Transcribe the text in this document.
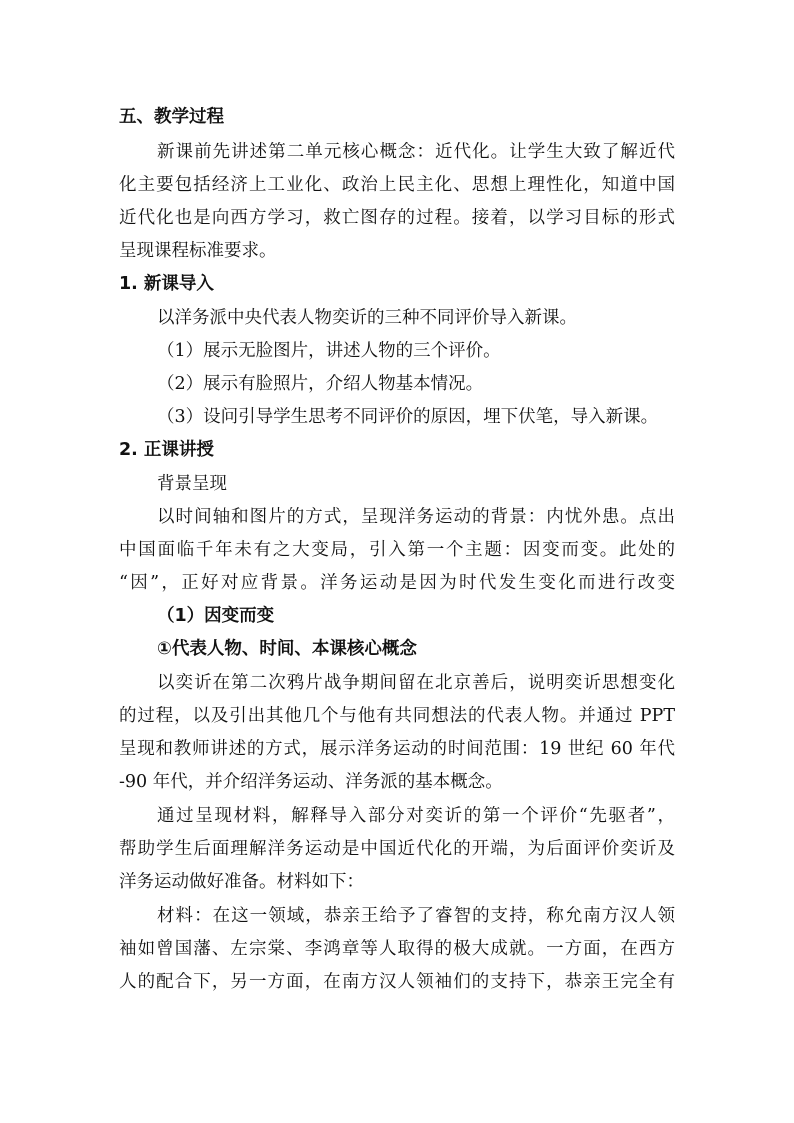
五、教学过程
新课前先讲述第二单元核心概念：近代化。让学生大致了解近代
化主要包括经济上工业化、政治上民主化、思想上理性化，知道中国
近代化也是向西方学习，救亡图存的过程。接着，以学习目标的形式
呈现课程标准要求。
1. 新课导入
以洋务派中央代表人物奕䜣的三种不同评价导入新课。
（1）展示无脸图片，讲述人物的三个评价。
（2）展示有脸照片，介绍人物基本情况。
（3）设问引导学生思考不同评价的原因，埋下伏笔，导入新课。
2. 正课讲授
背景呈现
以时间轴和图片的方式，呈现洋务运动的背景：内忧外患。点出
中国面临千年未有之大变局，引入第一个主题：因变而变。此处的
“因”，正好对应背景。洋务运动是因为时代发生变化而进行改变
（1）因变而变
①代表人物、时间、本课核心概念
以奕䜣在第二次鸦片战争期间留在北京善后，说明奕䜣思想变化
的过程，以及引出其他几个与他有共同想法的代表人物。并通过 PPT
呈现和教师讲述的方式，展示洋务运动的时间范围：19 世纪 60 年代
-90 年代，并介绍洋务运动、洋务派的基本概念。
通过呈现材料，解释导入部分对奕䜣的第一个评价“先驱者”，
帮助学生后面理解洋务运动是中国近代化的开端，为后面评价奕䜣及
洋务运动做好准备。材料如下：
材料：在这一领域，恭亲王给予了睿智的支持，称允南方汉人领
袖如曾国藩、左宗棠、李鸿章等人取得的极大成就。一方面，在西方
人的配合下，另一方面，在南方汉人领袖们的支持下，恭亲王完全有
